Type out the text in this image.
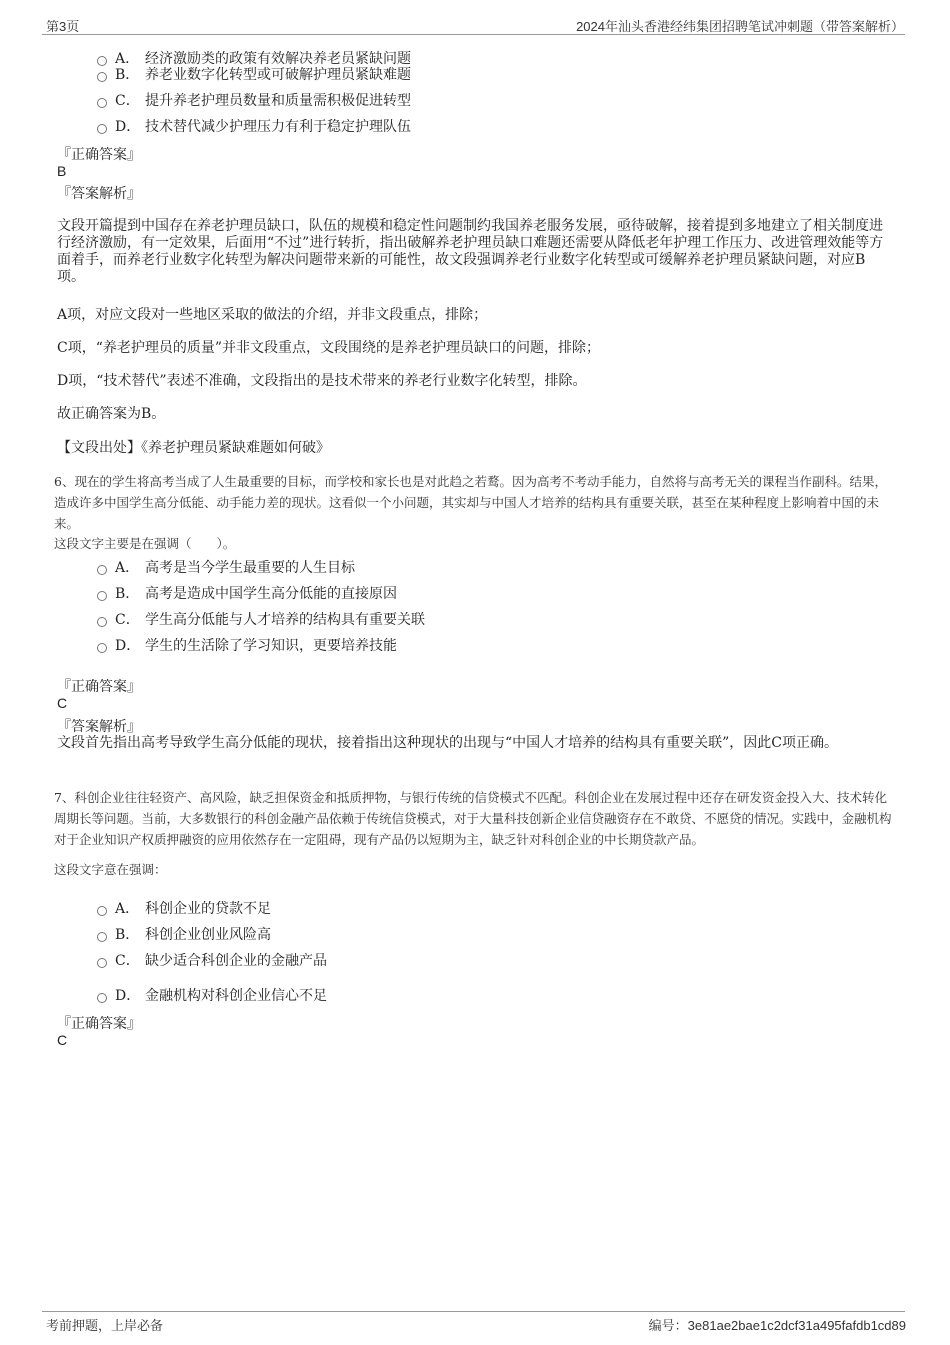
第3页	2024年汕头香港经纬集团招聘笔试冲刺题（带答案解析）
A． 经济激励类的政策有效解决养老员紧缺问题
B． 养老业数字化转型或可破解护理员紧缺难题
C． 提升养老护理员数量和质量需积极促进转型
D． 技术替代减少护理压力有利于稳定护理队伍
『正确答案』
B
『答案解析』
文段开篇提到中国存在养老护理员缺口，队伍的规模和稳定性问题制约我国养老服务发展，亟待破解，接着提到多地建立了相关制度进行经济激励，有一定效果，后面用“不过”进行转折，指出破解养老护理员缺口难题还需要从降低老年护理工作压力、改进管理效能等方面着手，而养老行业数字化转型为解决问题带来新的可能性，故文段强调养老行业数字化转型或可缓解养老护理员紧缺问题，对应B项。
A项，对应文段对一些地区采取的做法的介绍，并非文段重点，排除；
C项，“养老护理员的质量”并非文段重点，文段围绕的是养老护理员缺口的问题，排除；
D项，“技术替代”表述不准确，文段指出的是技术带来的养老行业数字化转型，排除。
故正确答案为B。
【文段出处】《养老护理员紧缺难题如何破》
6、现在的学生将高考当成了人生最重要的目标，而学校和家长也是对此趋之若鹜。因为高考不考动手能力，自然将与高考无关的课程当作副科。结果，造成许多中国学生高分低能、动手能力差的现状。这看似一个小问题，其实却与中国人才培养的结构具有重要关联，甚至在某种程度上影响着中国的未来。
这段文字主要是在强调（　　）。
A． 高考是当今学生最重要的人生目标
B． 高考是造成中国学生高分低能的直接原因
C． 学生高分低能与人才培养的结构具有重要关联
D． 学生的生活除了学习知识，更要培养技能
『正确答案』
C
『答案解析』
文段首先指出高考导致学生高分低能的现状，接着指出这种现状的出现与“中国人才培养的结构具有重要关联”，因此C项正确。
7、科创企业往往轻资产、高风险，缺乏担保资金和抵质押物，与银行传统的信贷模式不匹配。科创企业在发展过程中还存在研发资金投入大、技术转化周期长等问题。当前，大多数银行的科创金融产品依赖于传统信贷模式，对于大量科技创新企业信贷融资存在不敢贷、不愿贷的情况。实践中，金融机构对于企业知识产权质押融资的应用依然存在一定阻碍，现有产品仍以短期为主，缺乏针对科创企业的中长期贷款产品。
这段文字意在强调：
A． 科创企业的贷款不足
B． 科创企业创业风险高
C． 缺少适合科创企业的金融产品
D． 金融机构对科创企业信心不足
『正确答案』
C
考前押题，上岸必备	编号：3e81ae2bae1c2dcf31a495fafdb1cd89
